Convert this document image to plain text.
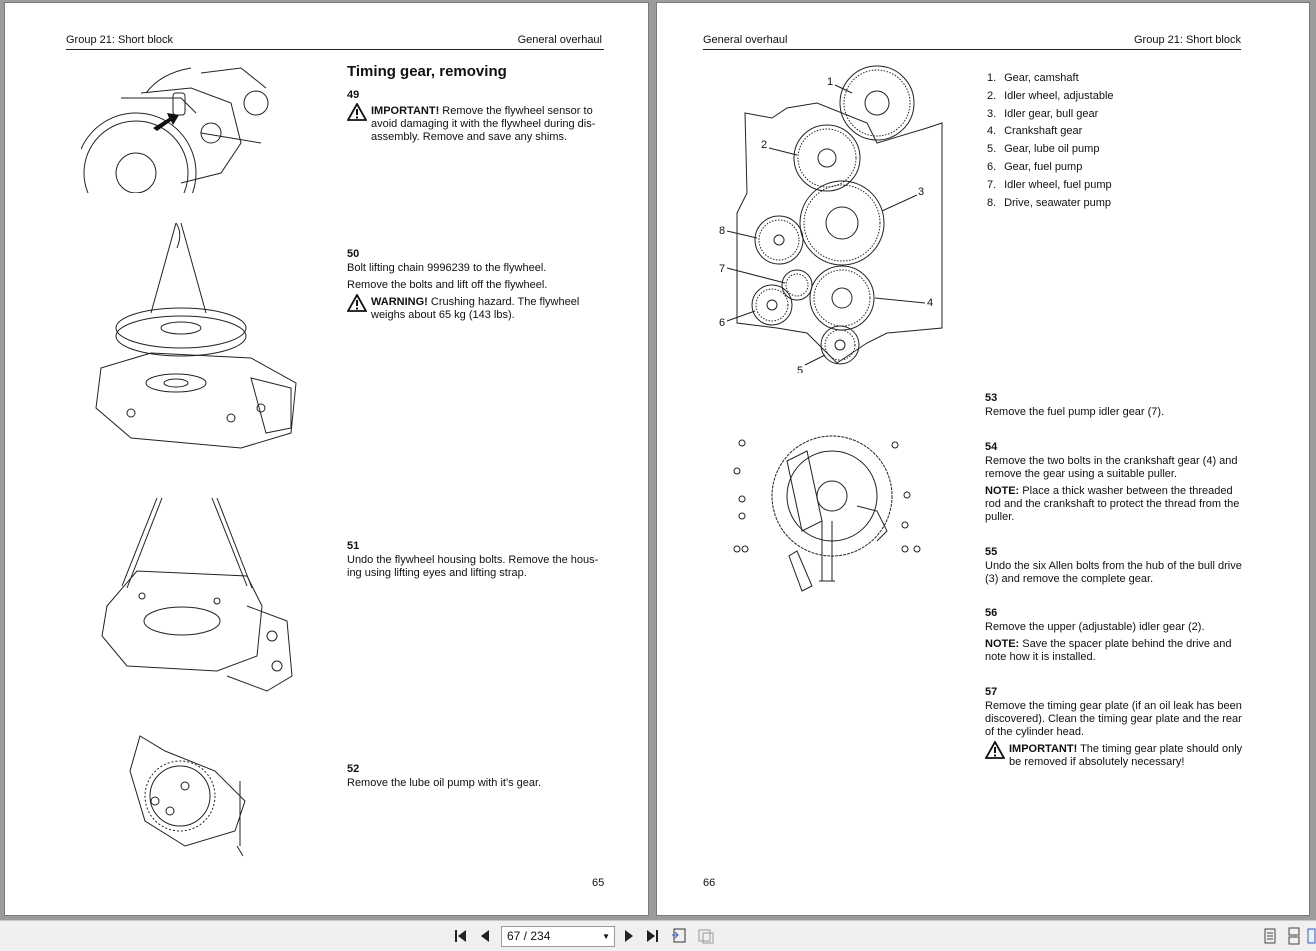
Group 21: Short block	General overhaul
Timing gear, removing
49
IMPORTANT! Remove the flywheel sensor to avoid damaging it with the flywheel during dis-assembly. Remove and save any shims.
50

Bolt lifting chain 9996239 to the flywheel.

Remove the bolts and lift off the flywheel.

WARNING! Crushing hazard. The flywheel weighs about 65 kg (143 lbs).
51

Undo the flywheel housing bolts. Remove the hous-ing using lifting eyes and lifting strap.

52

Remove the lube oil pump with it's gear.

65
General overhaul	Group 21: Short block
1
2
3
4
5
6
7
8
1. Gear, camshaft
2. Idler wheel, adjustable
3. Idler gear, bull gear
4. Crankshaft gear
5. Gear, lube oil pump
6. Gear, fuel pump
7. Idler wheel, fuel pump
8. Drive, seawater pump
53

Remove the fuel pump idler gear (7).

54

Remove the two bolts in the crankshaft gear (4) and remove the gear using a suitable puller.

NOTE: Place a thick washer between the threaded rod and the crankshaft to protect the thread from the puller.

55

Undo the six Allen bolts from the hub of the bull drive (3) and remove the complete gear.

56

Remove the upper (adjustable) idler gear (2).

NOTE: Save the spacer plate behind the drive and note how it is installed.

57

Remove the timing gear plate (if an oil leak has been discovered). Clean the timing gear plate and the rear of the cylinder head.

IMPORTANT! The timing gear plate should only be removed if absolutely necessary!
66
67 / 234	▼
